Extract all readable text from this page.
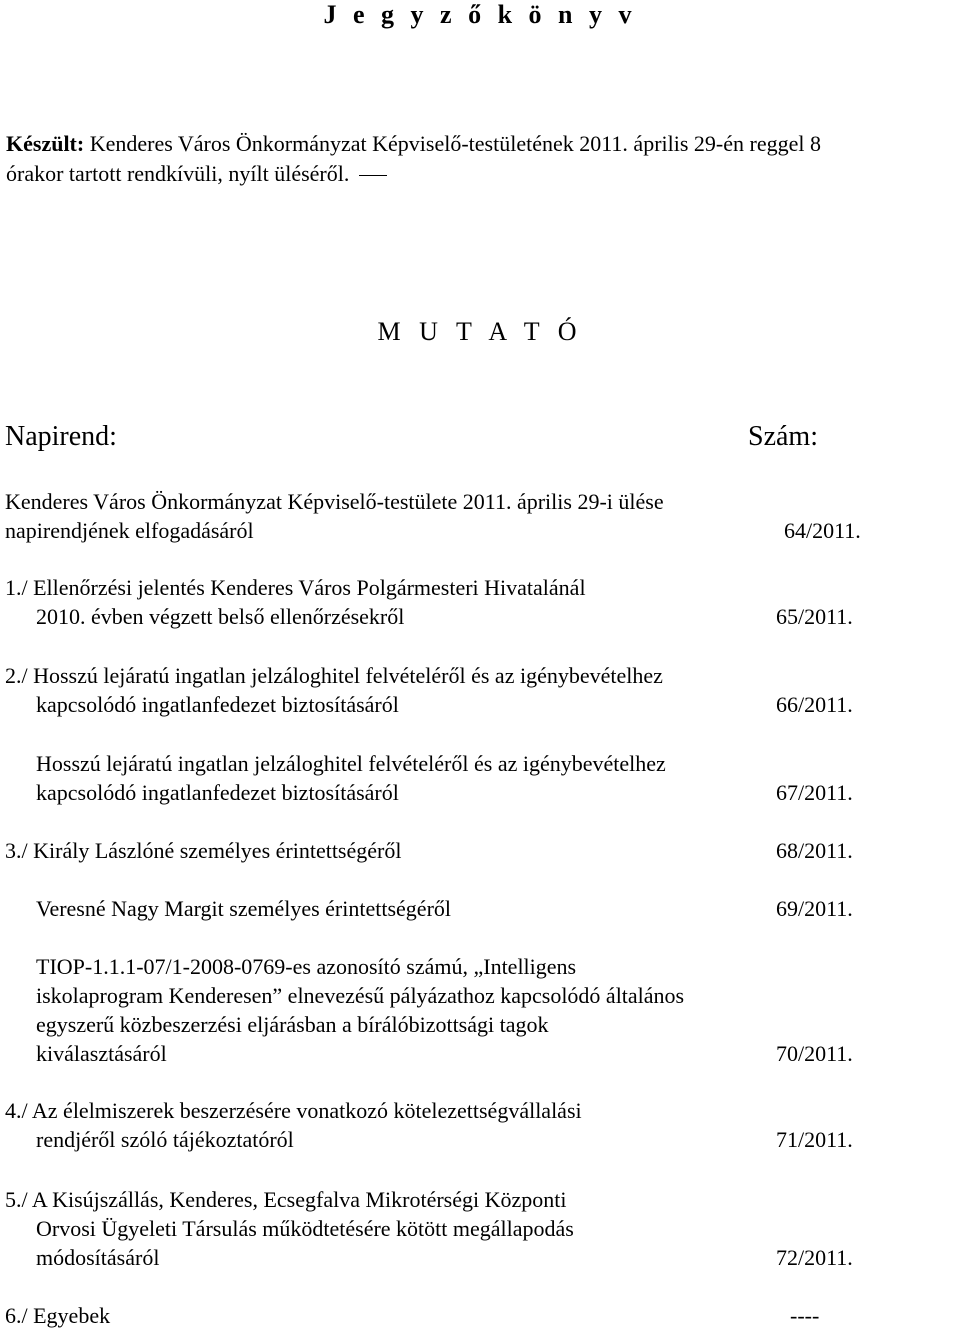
J e g y z ő k ö n y v
Készült: Kenderes Város Önkormányzat Képviselő-testületének 2011. április 29-én reggel 8
órakor tartott rendkívüli, nyílt üléséről.
M U T A T Ó
Napirend:	Szám:
Kenderes Város Önkormányzat Képviselő-testülete 2011. április 29-i ülése
napirendjének elfogadásáról	64/2011.
1./ Ellenőrzési jelentés Kenderes Város Polgármesteri Hivatalánál
2010. évben végzett belső ellenőrzésekről	65/2011.
2./ Hosszú lejáratú ingatlan jelzáloghitel felvételéről és az igénybevételhez
kapcsolódó ingatlanfedezet biztosításáról	66/2011.
Hosszú lejáratú ingatlan jelzáloghitel felvételéről és az igénybevételhez
kapcsolódó ingatlanfedezet biztosításáról	67/2011.
3./ Király Lászlóné személyes érintettségéről	68/2011.
Veresné Nagy Margit személyes érintettségéről	69/2011.
TIOP-1.1.1-07/1-2008-0769-es azonosító számú, „Intelligens
iskolaprogram Kenderesen” elnevezésű pályázathoz kapcsolódó általános
egyszerű közbeszerzési eljárásban a bírálóbizottsági tagok
kiválasztásáról	70/2011.
4./ Az élelmiszerek beszerzésére vonatkozó kötelezettségvállalási
rendjéről szóló tájékoztatóról	71/2011.
5./ A Kisújszállás, Kenderes, Ecsegfalva Mikrotérségi Központi
Orvosi Ügyeleti Társulás működtetésére kötött megállapodás
módosításáról	72/2011.
6./ Egyebek	----
